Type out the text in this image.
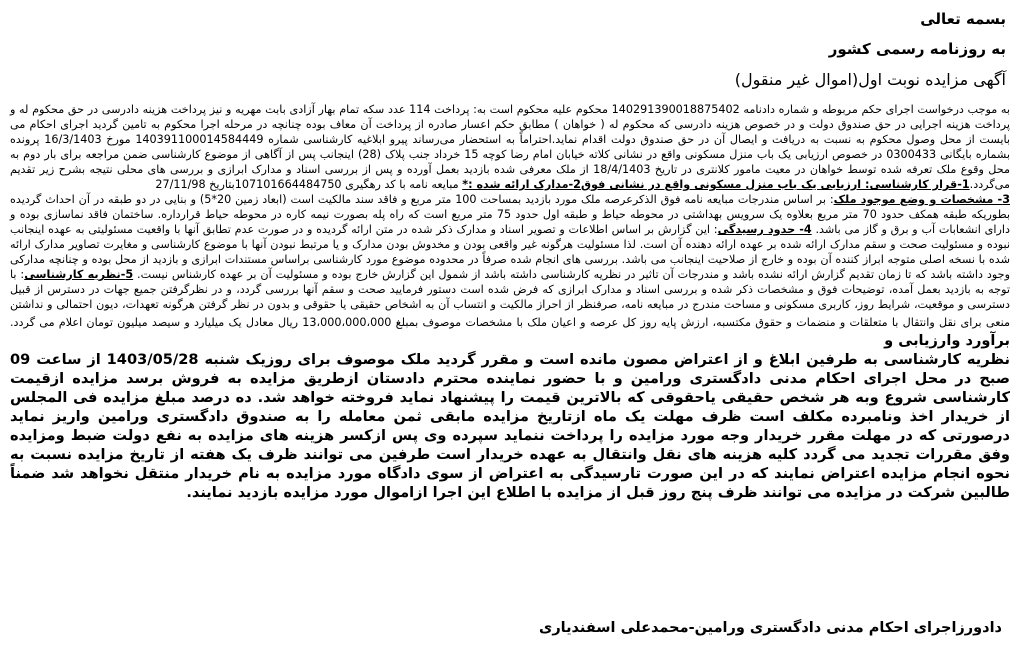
بسمه تعالی
به روزنامه رسمی کشور
آگهی مزایده نوبت اول(اموال غیر منقول)
به موجب درخواست اجرای حکم مربوطه و شماره دادنامه 140291390018875402 محکوم علیه محکوم است به: پرداخت 114 عدد سکه تمام بهار آزادی بابت مهریه و نیز پرداخت هزینه دادرسی در حق محکوم له و پرداخت هزینه اجرایی در حق صندوق دولت و در خصوص هزینه دادرسی که محکوم له ( خواهان ) مطابق حکم اعسار صادره از پرداخت آن معاف بوده چنانچه در مرحله اجرا محکوم به تامین گردید اجرای احکام می بایست از محل وصول محکوم به نسبت به دریافت و ایصال آن در حق صندوق دولت اقدام نماید.احتراماً به استحضار می‌رساند پیرو ابلاغیه کارشناسی شماره 140391100014584449 مورخ 16/3/1403 پرونده بشماره بایگانی 0300433 در خصوص ارزیابی یک باب منزل مسکونی واقع در نشانی کلاته خیابان امام رضا کوچه 15 خرداد جنب پلاک (28) اینجانب پس از آگاهی از موضوع کارشناسی ضمن مراجعه برای بار دوم به محل وقوع ملک تعرفه شده توسط خواهان در معیت مامور کلانتری در تاریخ 18/4/1403 از ملک معرفی شده بازدید بعمل آورده و پس از بررسی اسناد و مدارک ابرازی و بررسی های محلی نتیجه بشرح زیر تقدیم می‌گردد.1-قرار کارشناسی: ارزیابی یک باب منزل مسکونی واقع در نشانی فوق2-مدارک ارائه شده :* مبایعه نامه با کد رهگیری 107101664484750بتاریخ 27/11/98
3- مشخصات و وضع موجود ملک: بر اساس مندرجات مبایعه نامه فوق الذکرعرصه ملک مورد بازدید بمساحت 100 متر مربع و فاقد سند مالکیت است (ابعاد زمین 20*5) و بنایی در دو طبقه در آن احداث گردیده بطوریکه طبقه همکف حدود 70 متر مربع بعلاوه یک سرویس بهداشتی در محوطه حیاط و طبقه اول حدود 75 متر مربع است که راه پله بصورت نیمه کاره در محوطه حیاط قرارداره. ساختمان فاقد نماسازی بوده و دارای انشعابات آب و برق و گاز می باشد. 4- حدود رسیدگی: این گزارش بر اساس اطلاعات و تصویر اسناد و مدارک ذکر شده در متن ارائه گردیده و در صورت عدم تطابق آنها با واقعیت مسئولیتی به عهده اینجانب نبوده و مسئولیت صحت و سقم مدارک ارائه شده بر عهده ارائه دهنده آن است. لذا مسئولیت هرگونه غیر واقعی بودن و مخدوش بودن مدارک و یا مرتبط نبودن آنها با موضوع کارشناسی و مغایرت تصاویر مدارک ارائه شده با نسخه اصلی متوجه ابراز کننده آن بوده و خارج از صلاحیت اینجانب می باشد. بررسی های انجام شده صرفاً در محدوده موضوع مورد کارشناسی براساس مستندات ابرازی و بازدید از محل بوده و چنانچه مدارکی وجود داشته باشد که تا زمان تقدیم گزارش ارائه نشده باشد و مندرجات آن تاثیر در نظریه کارشناسی داشته باشد از شمول این گزارش خارج بوده و مسئولیت آن بر عهده کارشناس نیست. 5-نظریه کارشناسی: با توجه به بازدید بعمل آمده، توضیحات فوق و مشخصات ذکر شده و بررسی اسناد و مدارک ابرازی که فرض شده است دستور فرمایید صحت و سقم آنها بررسی گردد، و در نظرگرفتن جمیع جهات در دسترس از قبیل دسترسی و موقعیت، شرایط روز، کاربری مسکونی و مساحت مندرج در مبایعه نامه، صرفنظر از احراز مالکیت و انتساب آن به اشخاص حقیقی یا حقوقی و بدون در نظر گرفتن هرگونه تعهدات، دیون احتمالی و نداشتن منعی برای نقل وانتقال با متعلقات و منضمات و حقوق مکتسبه، ارزش پایه روز کل عرصه و اعیان ملک با مشخصات موصوف بمبلغ 13،000،000،000 ریال معادل یک میلیارد و سیصد میلیون تومان اعلام می گردد. برآورد وارزیابی و
نظریه کارشناسی به طرفین ابلاغ و از اعتراض مصون مانده است و مقرر گردید ملک موصوف برای روزیک شنبه 1403/05/28 از ساعت 09 صبح در محل اجرای احکام مدنی دادگستری ورامین و با حضور نماینده محترم دادستان ازطریق مزایده به فروش برسد مزایده ازقیمت کارشناسی شروع وبه هر شخص حقیقی یاحقوقی که بالاترین قیمت را پیشنهاد نماید فروخته خواهد شد. ده درصد مبلغ مزایده فی المجلس از خریدار اخذ ونامبرده مکلف است ظرف مهلت یک ماه ازتاریخ مزایده مابقی ثمن معامله را به صندوق دادگستری ورامین واریز نماید درصورتی که در مهلت مقرر خریدار وجه مورد مزایده را پرداخت ننماید سپرده وی پس ازکسر هزینه های مزایده به نفع دولت ضبط ومزایده وفق مقررات تجدید می گردد کلیه هزینه های نقل وانتقال به عهده خریدار است طرفین می توانند ظرف یک هفته از تاریخ مزایده نسبت به نحوه انجام مزایده اعتراض نمایند که در این صورت تارسیدگی به اعتراض از سوی دادگاه مورد مزایده به نام خریدار منتقل نخواهد شد ضمناً طالبین شرکت در مزایده می توانند ظرف پنج روز قبل از مزایده با اطلاع این اجرا ازاموال مورد مزایده بازدید نمایند.
دادورزاجرای احکام مدنی دادگستری ورامین-محمدعلی اسفندیاری
